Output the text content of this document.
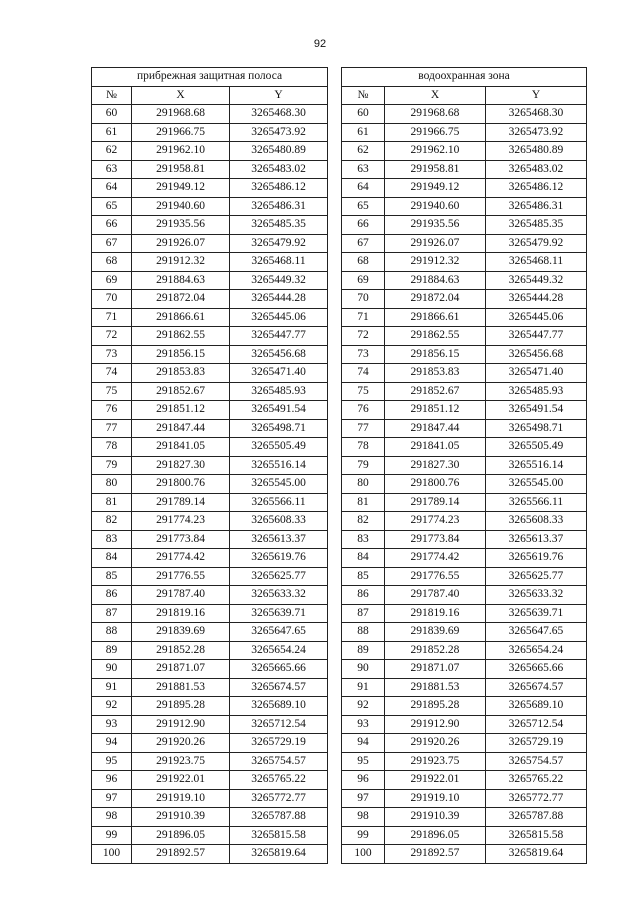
92
прибрежная защитная полоса		
№	X	Y
60	291968.68	3265468.30
61	291966.75	3265473.92
62	291962.10	3265480.89
63	291958.81	3265483.02
64	291949.12	3265486.12
65	291940.60	3265486.31
66	291935.56	3265485.35
67	291926.07	3265479.92
68	291912.32	3265468.11
69	291884.63	3265449.32
70	291872.04	3265444.28
71	291866.61	3265445.06
72	291862.55	3265447.77
73	291856.15	3265456.68
74	291853.83	3265471.40
75	291852.67	3265485.93
76	291851.12	3265491.54
77	291847.44	3265498.71
78	291841.05	3265505.49
79	291827.30	3265516.14
80	291800.76	3265545.00
81	291789.14	3265566.11
82	291774.23	3265608.33
83	291773.84	3265613.37
84	291774.42	3265619.76
85	291776.55	3265625.77
86	291787.40	3265633.32
87	291819.16	3265639.71
88	291839.69	3265647.65
89	291852.28	3265654.24
90	291871.07	3265665.66
91	291881.53	3265674.57
92	291895.28	3265689.10
93	291912.90	3265712.54
94	291920.26	3265729.19
95	291923.75	3265754.57
96	291922.01	3265765.22
97	291919.10	3265772.77
98	291910.39	3265787.88
99	291896.05	3265815.58
100	291892.57	3265819.64
водоохранная зона		
№	X	Y
60	291968.68	3265468.30
61	291966.75	3265473.92
62	291962.10	3265480.89
63	291958.81	3265483.02
64	291949.12	3265486.12
65	291940.60	3265486.31
66	291935.56	3265485.35
67	291926.07	3265479.92
68	291912.32	3265468.11
69	291884.63	3265449.32
70	291872.04	3265444.28
71	291866.61	3265445.06
72	291862.55	3265447.77
73	291856.15	3265456.68
74	291853.83	3265471.40
75	291852.67	3265485.93
76	291851.12	3265491.54
77	291847.44	3265498.71
78	291841.05	3265505.49
79	291827.30	3265516.14
80	291800.76	3265545.00
81	291789.14	3265566.11
82	291774.23	3265608.33
83	291773.84	3265613.37
84	291774.42	3265619.76
85	291776.55	3265625.77
86	291787.40	3265633.32
87	291819.16	3265639.71
88	291839.69	3265647.65
89	291852.28	3265654.24
90	291871.07	3265665.66
91	291881.53	3265674.57
92	291895.28	3265689.10
93	291912.90	3265712.54
94	291920.26	3265729.19
95	291923.75	3265754.57
96	291922.01	3265765.22
97	291919.10	3265772.77
98	291910.39	3265787.88
99	291896.05	3265815.58
100	291892.57	3265819.64
